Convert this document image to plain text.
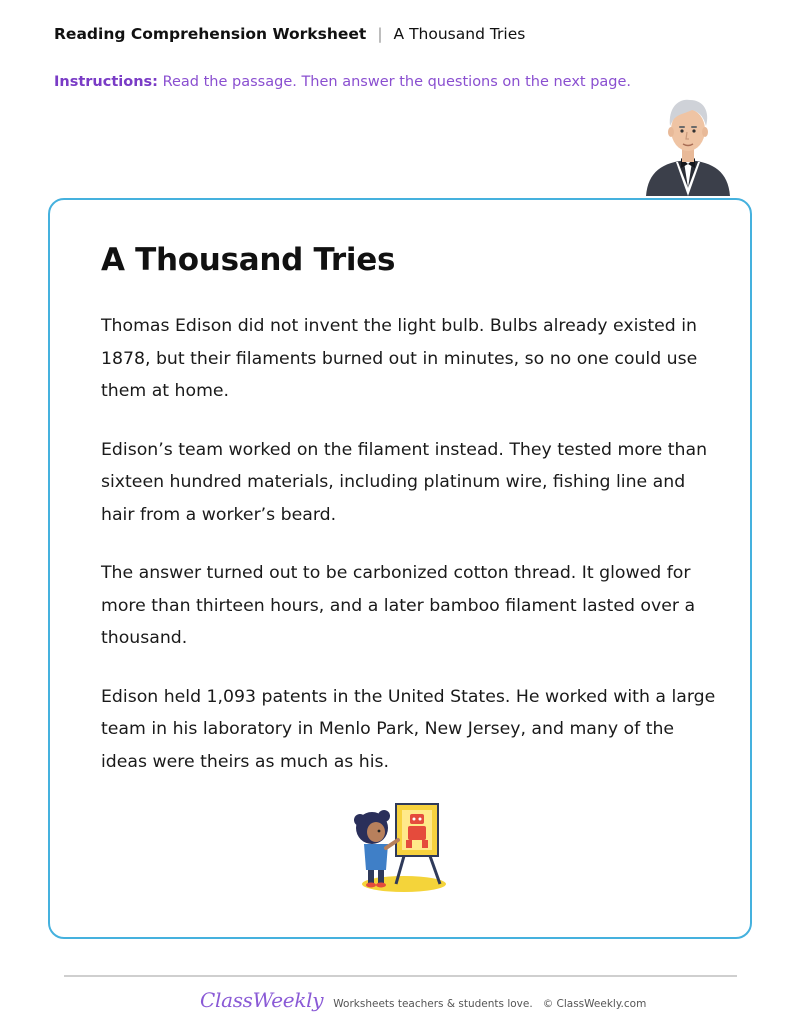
Reading Comprehension Worksheet | A Thousand Tries
Instructions: Read the passage. Then answer the questions on the next page.
A Thousand Tries

Thomas Edison did not invent the light bulb. Bulbs already existed in 1878, but their filaments burned out in minutes, so no one could use them at home.

Edison’s team worked on the filament instead. They tested more than sixteen hundred materials, including platinum wire, fishing line and hair from a worker’s beard.

The answer turned out to be carbonized cotton thread. It glowed for more than thirteen hours, and a later bamboo filament lasted over a thousand.

Edison held 1,093 patents in the United States. He worked with a large team in his laboratory in Menlo Park, New Jersey, and many of the ideas were theirs as much as his.

ClassWeekly Worksheets teachers & students love. © ClassWeekly.com
